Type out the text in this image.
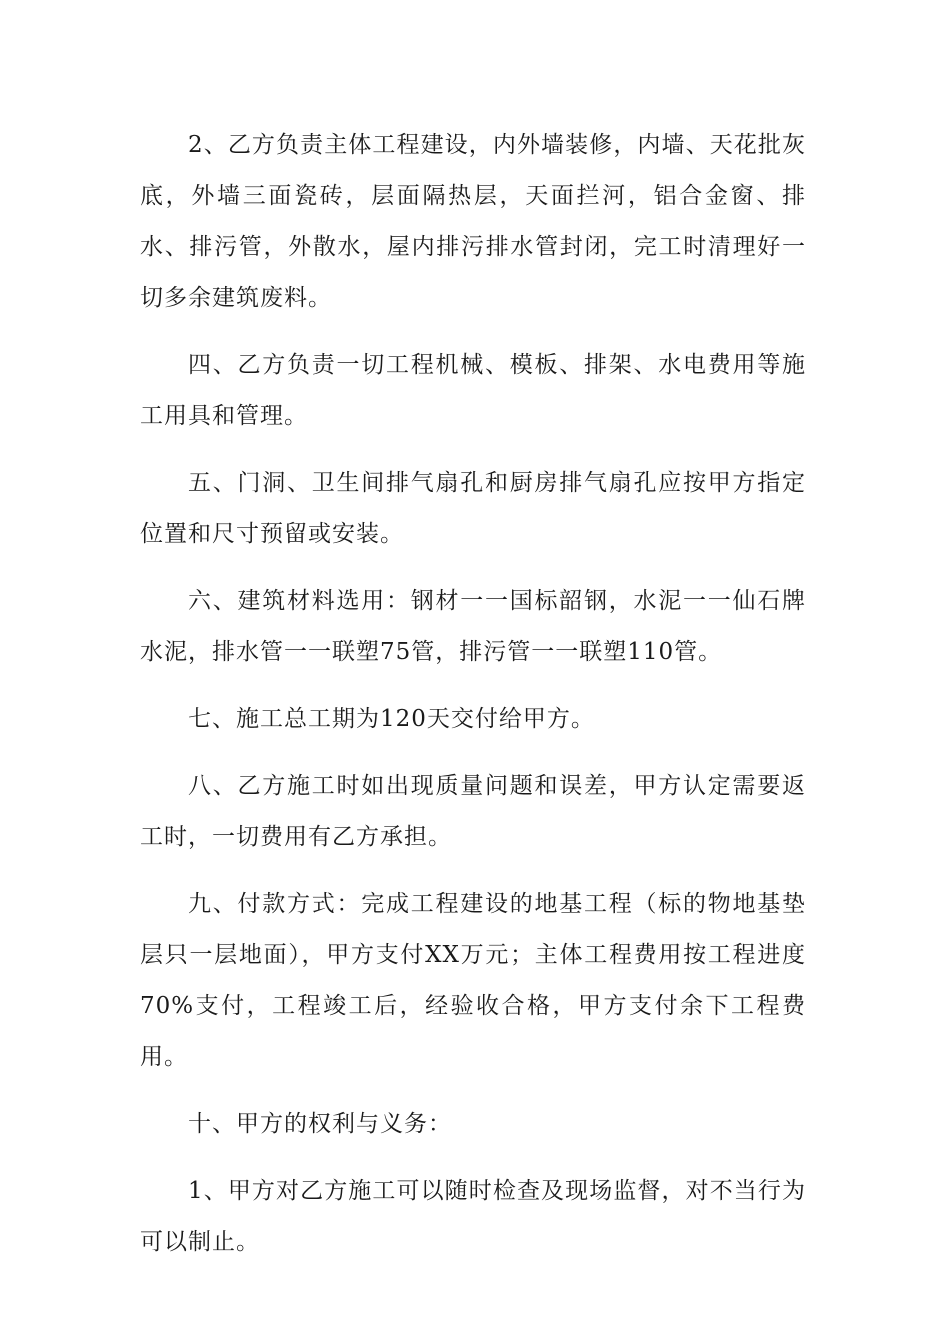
2、乙方负责主体工程建设，内外墙装修，内墙、天花批灰底，外墙三面瓷砖，层面隔热层，天面拦河，铝合金窗、排水、排污管，外散水，屋内排污排水管封闭，完工时清理好一切多余建筑废料。

四、乙方负责一切工程机械、模板、排架、水电费用等施工用具和管理。

五、门洞、卫生间排气扇孔和厨房排气扇孔应按甲方指定位置和尺寸预留或安装。

六、建筑材料选用：钢材一一国标韶钢，水泥一一仙石牌水泥，排水管一一联塑75管，排污管一一联塑110管。

七、施工总工期为120天交付给甲方。

八、乙方施工时如出现质量问题和误差，甲方认定需要返工时，一切费用有乙方承担。

九、付款方式：完成工程建设的地基工程（标的物地基垫层只一层地面），甲方支付XX万元；主体工程费用按工程进度70%支付，工程竣工后，经验收合格，甲方支付余下工程费用。

十、甲方的权利与义务：

1、甲方对乙方施工可以随时检查及现场监督，对不当行为可以制止。
